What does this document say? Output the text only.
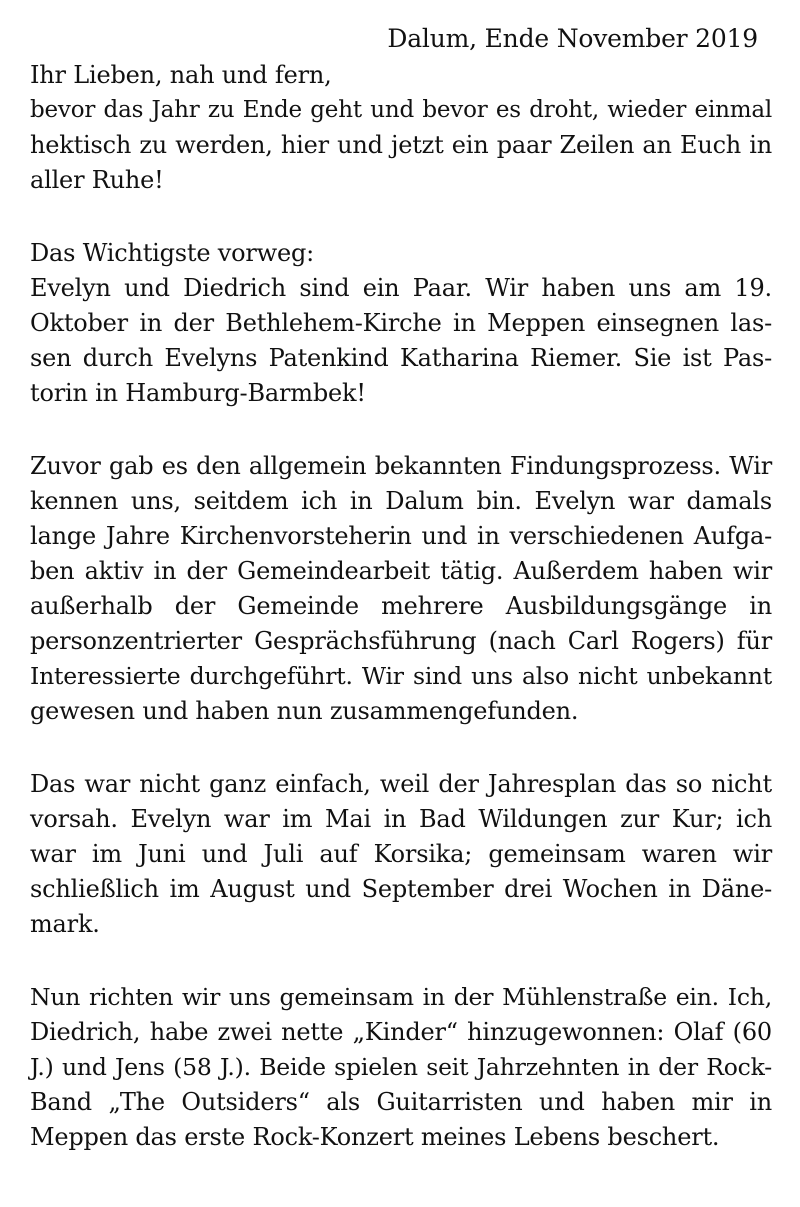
Dalum, Ende November 2019
Ihr Lieben, nah und fern,
bevor das Jahr zu Ende geht und bevor es droht, wieder einmal
hektisch zu werden, hier und jetzt ein paar Zeilen an Euch in
aller Ruhe!
Das Wichtigste vorweg:
Evelyn und Diedrich sind ein Paar. Wir haben uns am 19.
Oktober in der Bethlehem-Kirche in Meppen einsegnen las-
sen durch Evelyns Patenkind Katharina Riemer. Sie ist Pas-
torin in Hamburg-Barmbek!
Zuvor gab es den allgemein bekannten Findungsprozess. Wir
kennen uns, seitdem ich in Dalum bin. Evelyn war damals
lange Jahre Kirchenvorsteherin und in verschiedenen Aufga-
ben aktiv in der Gemeindearbeit tätig. Außerdem haben wir
außerhalb der Gemeinde mehrere Ausbildungsgänge in
personzentrierter Gesprächsführung (nach Carl Rogers) für
Interessierte durchgeführt. Wir sind uns also nicht unbekannt
gewesen und haben nun zusammengefunden.
Das war nicht ganz einfach, weil der Jahresplan das so nicht
vorsah. Evelyn war im Mai in Bad Wildungen zur Kur; ich
war im Juni und Juli auf Korsika; gemeinsam waren wir
schließlich im August und September drei Wochen in Däne-
mark.
Nun richten wir uns gemeinsam in der Mühlenstraße ein. Ich,
Diedrich, habe zwei nette „Kinder“ hinzugewonnen: Olaf (60
J.) und Jens (58 J.). Beide spielen seit Jahrzehnten in der Rock-
Band „The Outsiders“ als Guitarristen und haben mir in
Meppen das erste Rock-Konzert meines Lebens beschert.
